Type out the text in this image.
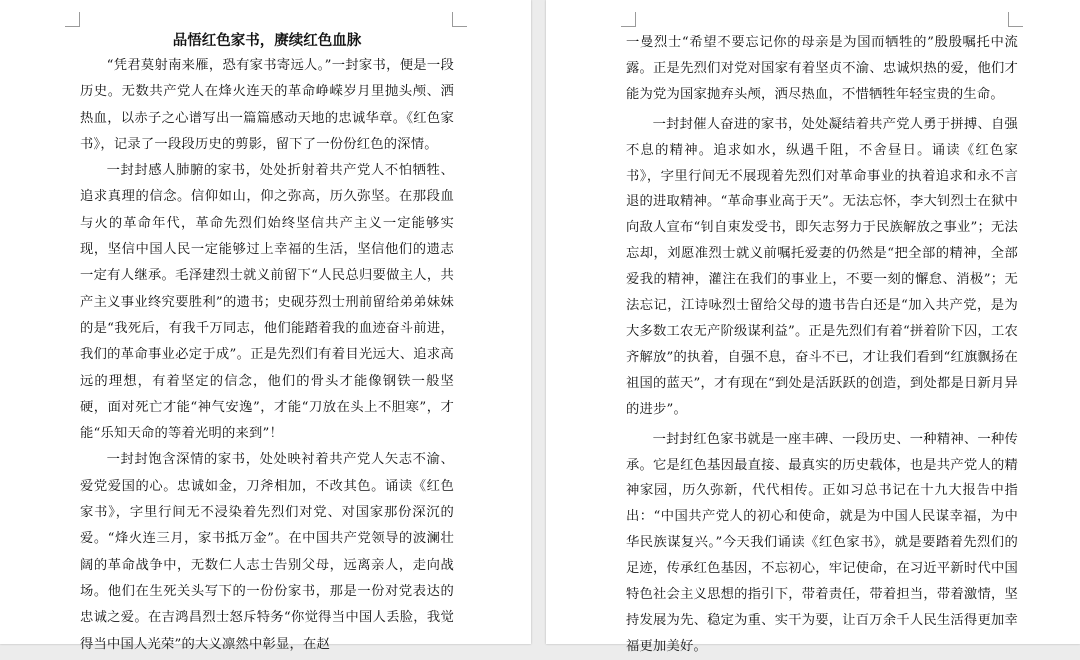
品悟红色家书，赓续红色血脉

“凭君莫射南来雁，恐有家书寄远人。”一封家书，便是一段历史。无数共产党人在烽火连天的革命峥嵘岁月里抛头颅、洒热血，以赤子之心谱写出一篇篇感动天地的忠诚华章。《红色家书》，记录了一段段历史的剪影，留下了一份份红色的深情。

一封封感人肺腑的家书，处处折射着共产党人不怕牺牲、追求真理的信念。信仰如山，仰之弥高，历久弥坚。在那段血与火的革命年代，革命先烈们始终坚信共产主义一定能够实现，坚信中国人民一定能够过上幸福的生活，坚信他们的遗志一定有人继承。毛泽建烈士就义前留下“人民总归要做主人，共产主义事业终究要胜利”的遗书；史砚芬烈士刑前留给弟弟妹妹的是“我死后，有我千万同志，他们能踏着我的血迹奋斗前进，我们的革命事业必定于成”。正是先烈们有着目光远大、追求高远的理想，有着坚定的信念，他们的骨头才能像钢铁一般坚硬，面对死亡才能“神气安逸”，才能“刀放在头上不胆寒”，才能“乐知天命的等着光明的来到”！

一封封饱含深情的家书，处处映衬着共产党人矢志不渝、爱党爱国的心。忠诚如金，刀斧相加，不改其色。诵读《红色家书》，字里行间无不浸染着先烈们对党、对国家那份深沉的爱。“烽火连三月，家书抵万金”。在中国共产党领导的波澜壮阔的革命战争中，无数仁人志士告别父母，远离亲人，走向战场。他们在生死关头写下的一份份家书，那是一份对党表达的忠诚之爱。在吉鸿昌烈士怒斥特务“你觉得当中国人丢脸，我觉得当中国人光荣”的大义凛然中彰显，在赵

一曼烈士“希望不要忘记你的母亲是为国而牺牲的”殷殷嘱托中流露。正是先烈们对党对国家有着坚贞不渝、忠诚炽热的爱，他们才能为党为国家抛弃头颅，洒尽热血，不惜牺牲年轻宝贵的生命。

一封封催人奋进的家书，处处凝结着共产党人勇于拼搏、自强不息的精神。追求如水，纵遇千阻，不舍昼日。诵读《红色家书》，字里行间无不展现着先烈们对革命事业的执着追求和永不言退的进取精神。“革命事业高于天”。无法忘怀，李大钊烈士在狱中向敌人宣布“钊自束发受书，即矢志努力于民族解放之事业”；无法忘却，刘愿准烈士就义前嘱托爱妻的仍然是“把全部的精神，全部爱我的精神，灌注在我们的事业上，不要一刻的懈怠、消极”；无法忘记，江诗咏烈士留给父母的遗书告白还是“加入共产党，是为大多数工农无产阶级谋利益”。正是先烈们有着“拼着阶下囚，工农齐解放”的执着，自强不息，奋斗不已，才让我们看到“红旗飘扬在祖国的蓝天”，才有现在“到处是活跃跃的创造，到处都是日新月异的进步”。

一封封红色家书就是一座丰碑、一段历史、一种精神、一种传承。它是红色基因最直接、最真实的历史载体，也是共产党人的精神家园，历久弥新，代代相传。正如习总书记在十九大报告中指出：“中国共产党人的初心和使命，就是为中国人民谋幸福，为中华民族谋复兴。”今天我们诵读《红色家书》，就是要踏着先烈们的足迹，传承红色基因，不忘初心，牢记使命，在习近平新时代中国特色社会主义思想的指引下，带着责任，带着担当，带着激情，坚持发展为先、稳定为重、实干为要，让百万余千人民生活得更加幸福更加美好。
